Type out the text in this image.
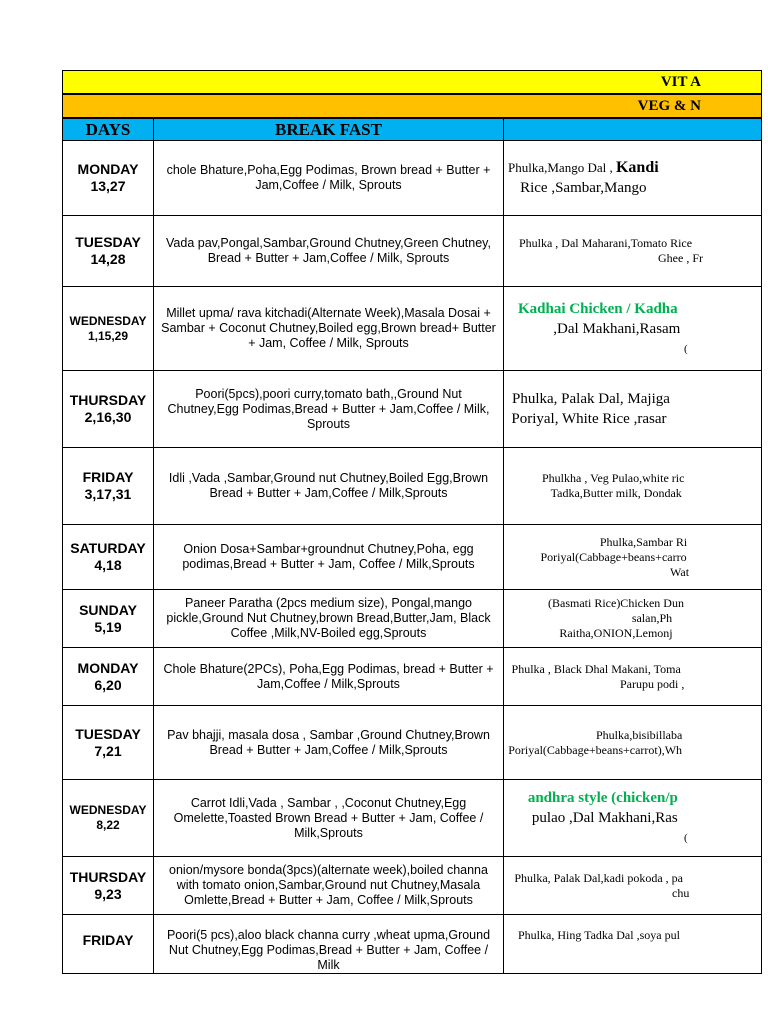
VIT A
VEG & N
DAYS	BREAK FAST
MONDAY
13,27
chole Bhature,Poha,Egg Podimas, Brown bread + Butter + Jam,Coffee / Milk, Sprouts
Phulka,Mango Dal , Kandi
Rice ,Sambar,Mango
TUESDAY
14,28
Vada pav,Pongal,Sambar,Ground Chutney,Green Chutney, Bread + Butter + Jam,Coffee / Milk, Sprouts
Phulka , Dal Maharani,Tomato Rice
Ghee , Fr
WEDNESDAY
1,15,29
Millet upma/ rava kitchadi(Alternate Week),Masala Dosai + Sambar + Coconut Chutney,Boiled egg,Brown bread+ Butter + Jam, Coffee / Milk, Sprouts
Kadhai Chicken / Kadha
,Dal Makhani,Rasam
(
THURSDAY
2,16,30
Poori(5pcs),poori curry,tomato bath,,Ground Nut Chutney,Egg Podimas,Bread + Butter + Jam,Coffee / Milk, Sprouts
Phulka, Palak Dal, Majiga
Poriyal, White Rice ,rasar
FRIDAY
3,17,31
Idli ,Vada ,Sambar,Ground nut Chutney,Boiled Egg,Brown Bread + Butter + Jam,Coffee / Milk,Sprouts
Phulkha , Veg Pulao,white ric
Tadka,Butter milk, Dondak
SATURDAY
4,18
Onion Dosa+Sambar+groundnut Chutney,Poha, egg podimas,Bread + Butter + Jam, Coffee / Milk,Sprouts
Phulka,Sambar Ri
Poriyal(Cabbage+beans+carro
Wat
SUNDAY
5,19
Paneer Paratha (2pcs medium size), Pongal,mango pickle,Ground Nut Chutney,brown Bread,Butter,Jam, Black Coffee ,Milk,NV-Boiled egg,Sprouts
(Basmati Rice)Chicken Dun
salan,Ph
Raitha,ONION,Lemonj
MONDAY
6,20
Chole Bhature(2PCs), Poha,Egg Podimas, bread + Butter + Jam,Coffee / Milk,Sprouts
Phulka , Black Dhal Makani, Toma
Parupu podi ,
TUESDAY
7,21
Pav bhajji, masala dosa , Sambar ,Ground Chutney,Brown Bread + Butter + Jam,Coffee / Milk,Sprouts
Phulka,bisibillaba
Poriyal(Cabbage+beans+carrot),Wh
WEDNESDAY
8,22
Carrot Idli,Vada , Sambar , ,Coconut Chutney,Egg Omelette,Toasted Brown Bread + Butter + Jam, Coffee / Milk,Sprouts
andhra style (chicken/p
pulao ,Dal Makhani,Ras
(
THURSDAY
9,23
onion/mysore bonda(3pcs)(alternate week),boiled channa with tomato onion,Sambar,Ground nut Chutney,Masala Omlette,Bread + Butter + Jam, Coffee / Milk,Sprouts
Phulka, Palak Dal,kadi pokoda , pa
chu
FRIDAY	Poori(5 pcs),aloo black channa curry ,wheat upma,Ground Nut Chutney,Egg Podimas,Bread + Butter + Jam, Coffee / Milk
Phulka, Hing Tadka Dal ,soya pul
